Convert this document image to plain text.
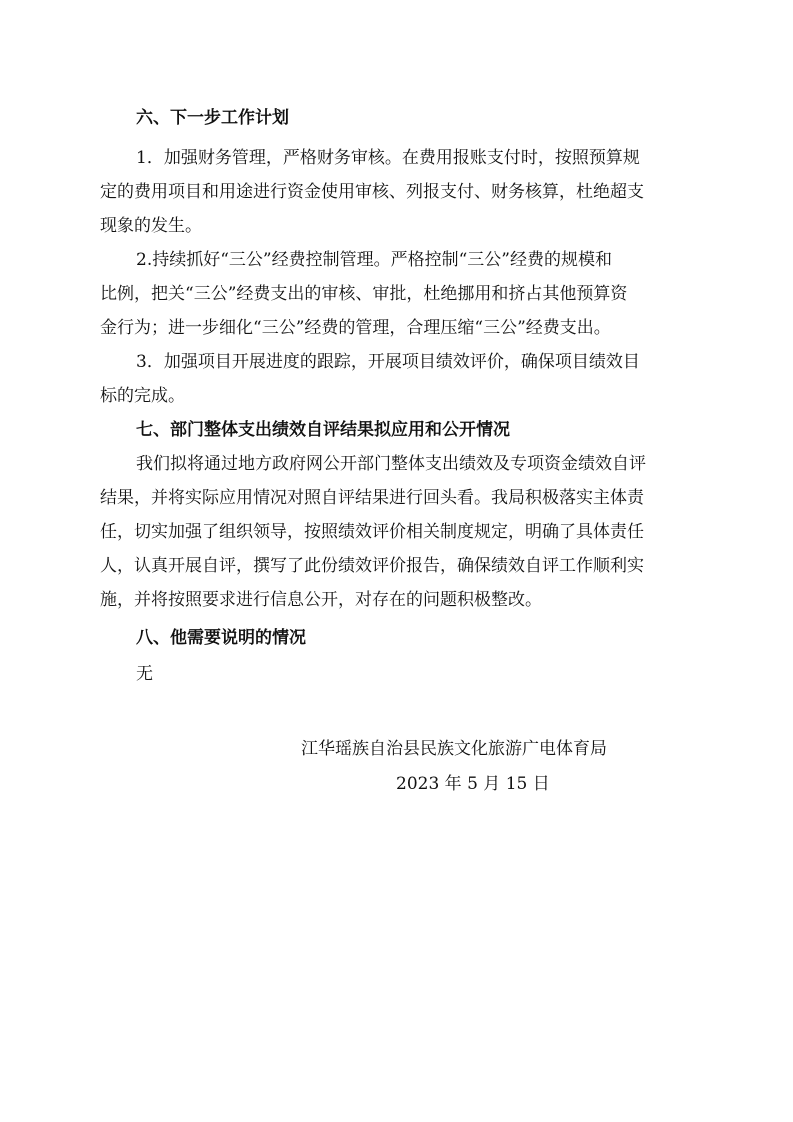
六、下一步工作计划
1．加强财务管理，严格财务审核。在费用报账支付时，按照预算规
定的费用项目和用途进行资金使用审核、列报支付、财务核算，杜绝超支
现象的发生。
2.持续抓好“三公”经费控制管理。严格控制“三公”经费的规模和
比例，把关“三公”经费支出的审核、审批，杜绝挪用和挤占其他预算资
金行为；进一步细化“三公”经费的管理，合理压缩“三公”经费支出。
3．加强项目开展进度的跟踪，开展项目绩效评价，确保项目绩效目
标的完成。
七、部门整体支出绩效自评结果拟应用和公开情况
我们拟将通过地方政府网公开部门整体支出绩效及专项资金绩效自评
结果，并将实际应用情况对照自评结果进行回头看。我局积极落实主体责
任，切实加强了组织领导，按照绩效评价相关制度规定，明确了具体责任
人，认真开展自评，撰写了此份绩效评价报告，确保绩效自评工作顺利实
施，并将按照要求进行信息公开，对存在的问题积极整改。
八、他需要说明的情况
无
江华瑶族自治县民族文化旅游广电体育局
2023 年 5 月 15 日
